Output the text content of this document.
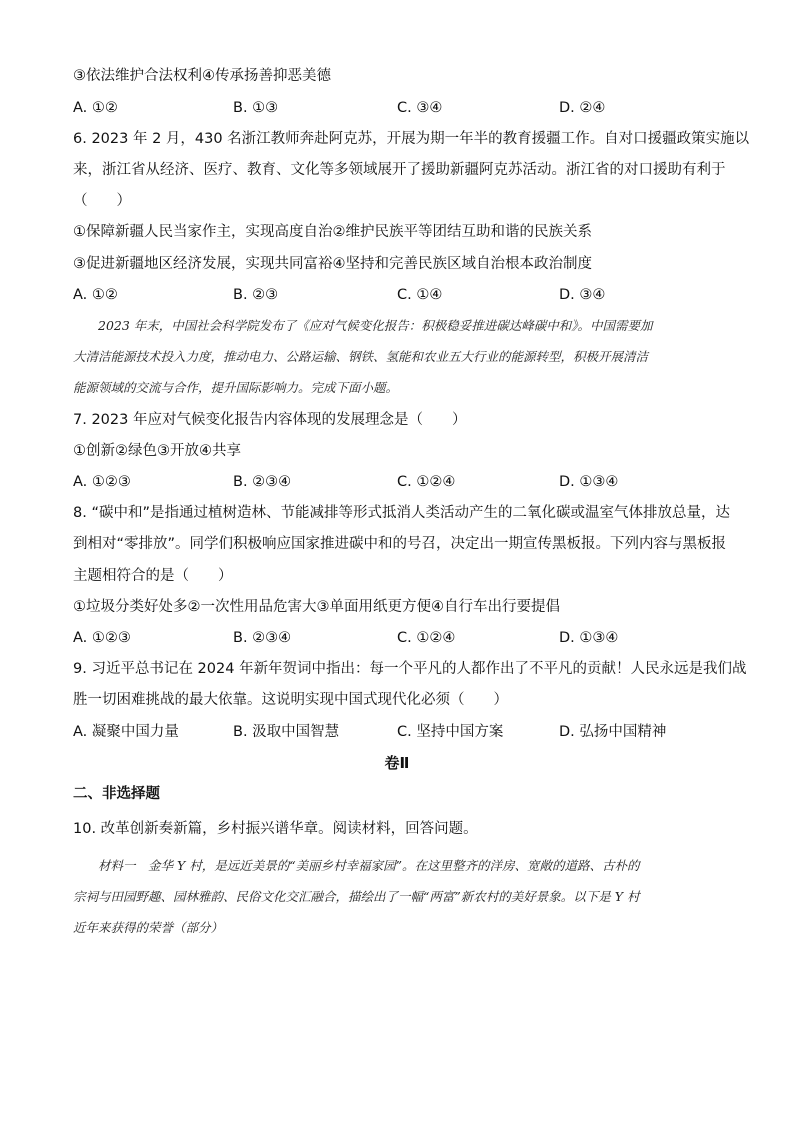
③依法维护合法权利④传承扬善抑恶美德
A. ①②	B. ①③	C. ③④	D. ②④
6. 2023 年 2 月，430 名浙江教师奔赴阿克苏，开展为期一年半的教育援疆工作。自对口援疆政策实施以
来，浙江省从经济、医疗、教育、文化等多领域展开了援助新疆阿克苏活动。浙江省的对口援助有利于
（　　）
①保障新疆人民当家作主，实现高度自治②维护民族平等团结互助和谐的民族关系
③促进新疆地区经济发展，实现共同富裕④坚持和完善民族区域自治根本政治制度
A. ①②	B. ②③	C. ①④	D. ③④
　　2023 年末，中国社会科学院发布了《应对气候变化报告：积极稳妥推进碳达峰碳中和》。中国需要加
大清洁能源技术投入力度，推动电力、公路运输、钢铁、氢能和农业五大行业的能源转型，积极开展清洁
能源领域的交流与合作，提升国际影响力。完成下面小题。
7. 2023 年应对气候变化报告内容体现的发展理念是（　　）
①创新②绿色③开放④共享
A. ①②③	B. ②③④	C. ①②④	D. ①③④
8. “碳中和”是指通过植树造林、节能减排等形式抵消人类活动产生的二氧化碳或温室气体排放总量，达
到相对“零排放”。同学们积极响应国家推进碳中和的号召，决定出一期宣传黑板报。下列内容与黑板报
主题相符合的是（　　）
①垃圾分类好处多②一次性用品危害大③单面用纸更方便④自行车出行要提倡
A. ①②③	B. ②③④	C. ①②④	D. ①③④
9. 习近平总书记在 2024 年新年贺词中指出：每一个平凡的人都作出了不平凡的贡献！人民永远是我们战
胜一切困难挑战的最大依靠。这说明实现中国式现代化必须（　　）
A. 凝聚中国力量	B. 汲取中国智慧	C. 坚持中国方案	D. 弘扬中国精神
卷Ⅱ
二、非选择题
10. 改革创新奏新篇，乡村振兴谱华章。阅读材料，回答问题。
　　材料一　金华 Y 村，是远近美景的“美丽乡村幸福家园”。在这里整齐的洋房、宽敞的道路、古朴的
宗祠与田园野趣、园林雅韵、民俗文化交汇融合，描绘出了一幅“两富”新农村的美好景象。以下是 Y 村
近年来获得的荣誉（部分）
